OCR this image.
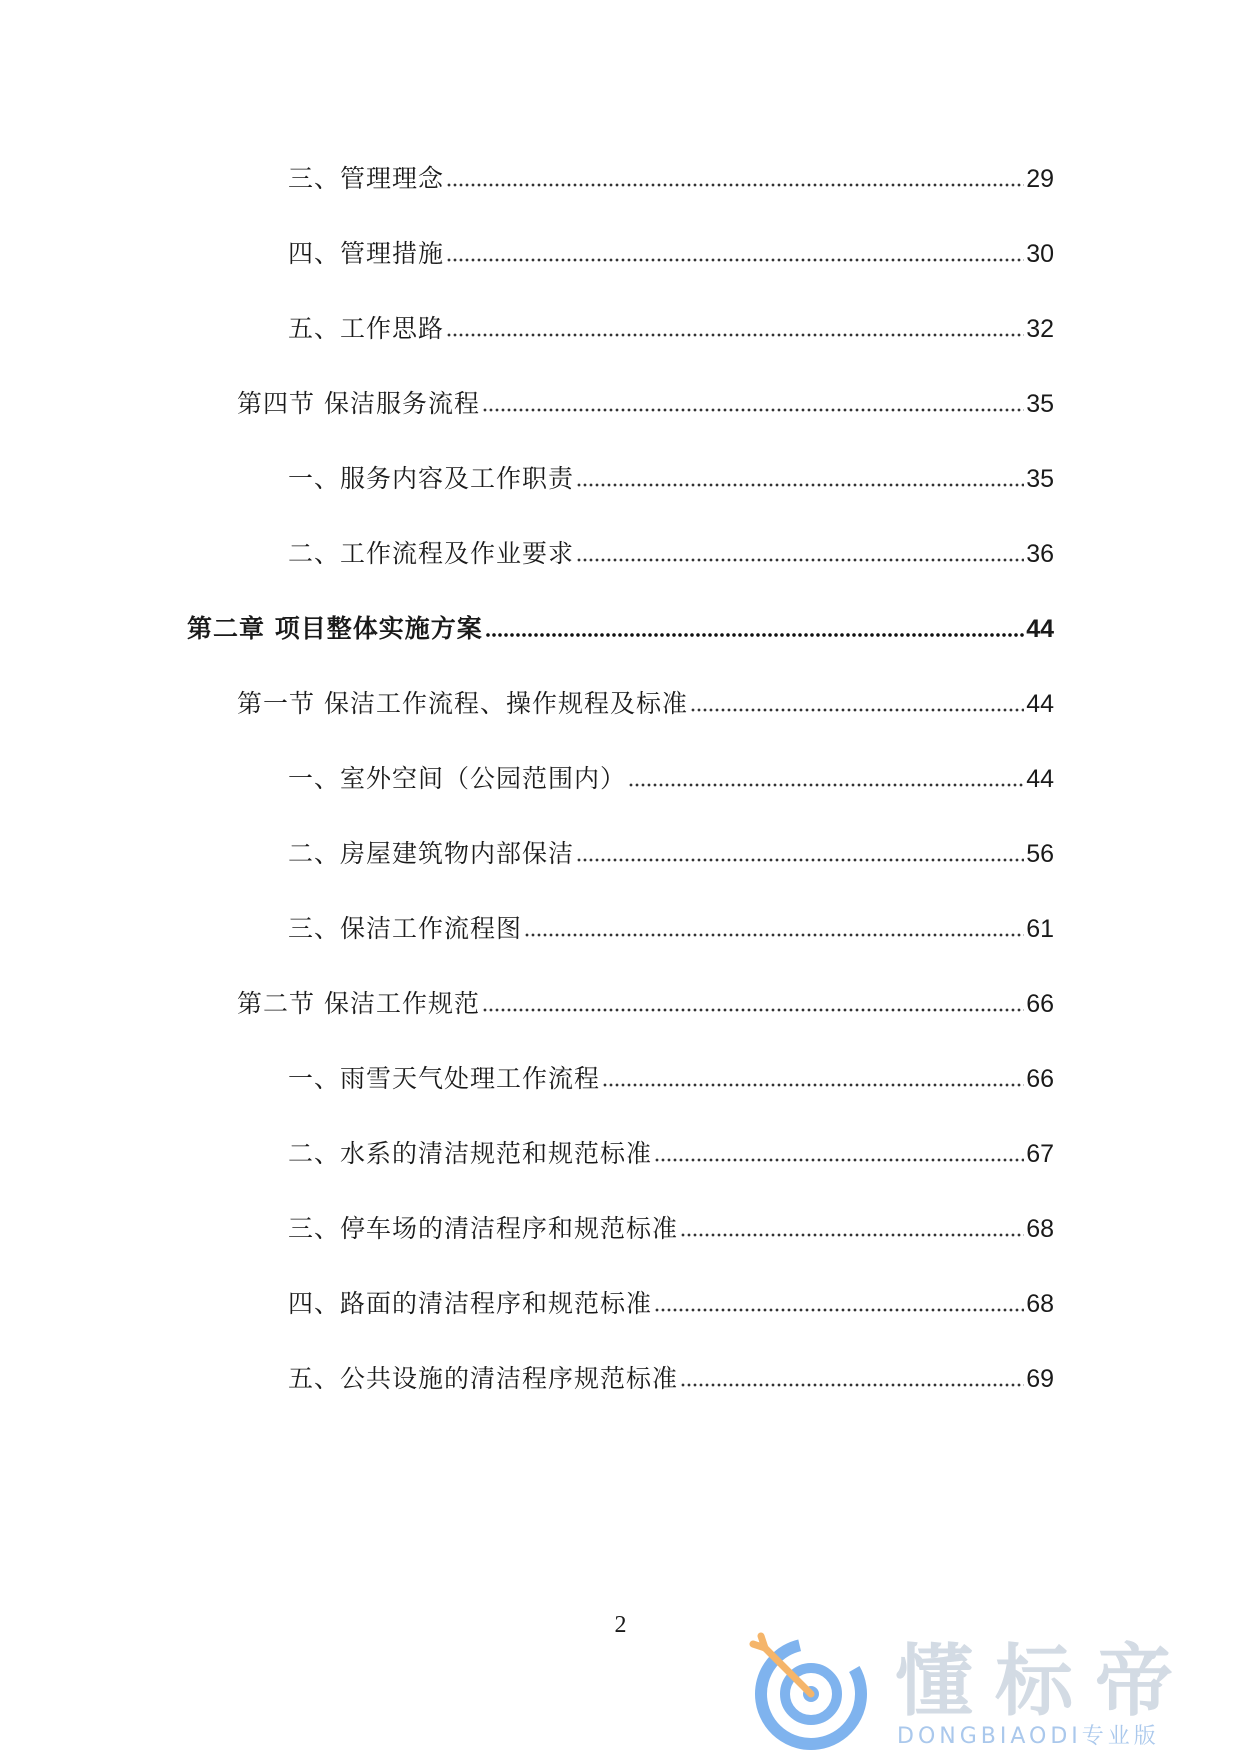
三、管理理念	29
四、管理措施	30
五、工作思路	32
第四节 保洁服务流程	35
一、服务内容及工作职责	35
二、工作流程及作业要求	36
第二章 项目整体实施方案	44
第一节 保洁工作流程、操作规程及标准	44
一、室外空间（公园范围内）	44
二、房屋建筑物内部保洁	56
三、保洁工作流程图	61
第二节 保洁工作规范	66
一、雨雪天气处理工作流程	66
二、水系的清洁规范和规范标准	67
三、停车场的清洁程序和规范标准	68
四、路面的清洁程序和规范标准	68
五、公共设施的清洁程序规范标准	69
2
懂标帝
DONGBIAODI专业版
